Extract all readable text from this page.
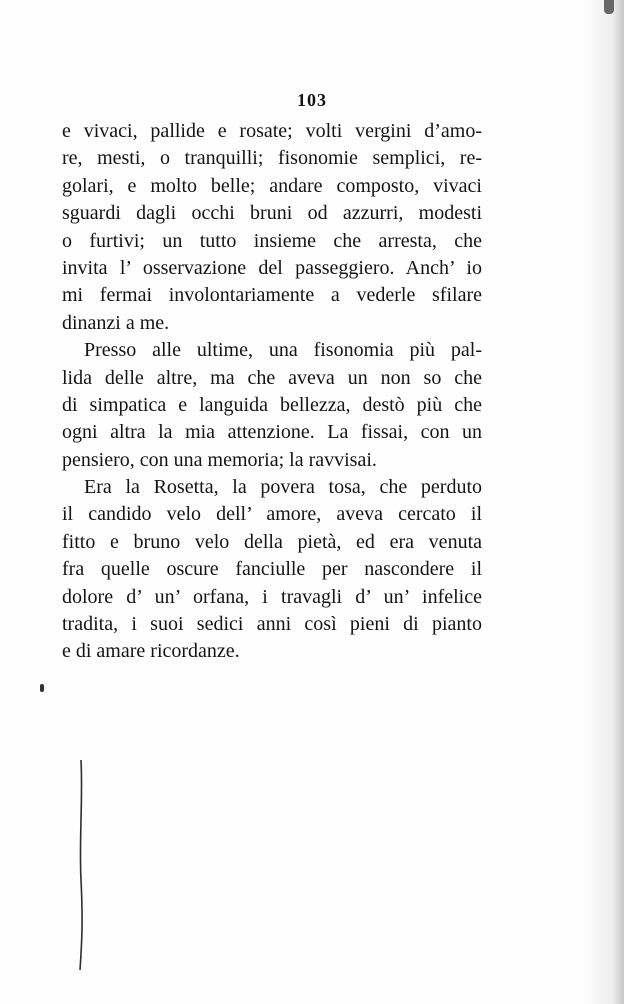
103
e vivaci, pallide e rosate; volti vergini d’amo-
re, mesti, o tranquilli; fisonomie semplici, re-
golari, e molto belle; andare composto, vivaci
sguardi dagli occhi bruni od azzurri, modesti
o furtivi; un tutto insieme che arresta, che
invita l’ osservazione del passeggiero. Anch’ io
mi fermai involontariamente a vederle sfilare
dinanzi a me.
Presso alle ultime, una fisonomia più pal-
lida delle altre, ma che aveva un non so che
di simpatica e languida bellezza, destò più che
ogni altra la mia attenzione. La fissai, con un
pensiero, con una memoria; la ravvisai.
Era la Rosetta, la povera tosa, che perduto
il candido velo dell’ amore, aveva cercato il
fitto e bruno velo della pietà, ed era venuta
fra quelle oscure fanciulle per nascondere il
dolore d’ un’ orfana, i travagli d’ un’ infelice
tradita, i suoi sedici anni così pieni di pianto
e di amare ricordanze.
